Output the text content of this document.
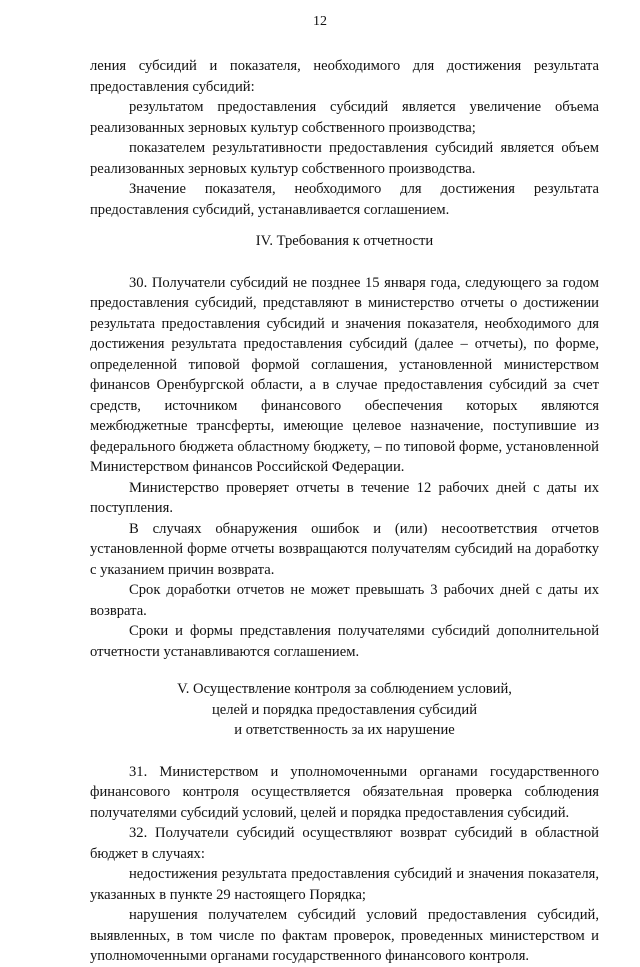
12

ления субсидий и показателя, необходимого для достижения результата предоставления субсидий:

результатом предоставления субсидий является увеличение объема реализованных зерновых культур собственного производства;

показателем результативности предоставления субсидий является объем реализованных зерновых культур собственного производства.

Значение показателя, необходимого для достижения результата предоставления субсидий, устанавливается соглашением.

IV. Требования к отчетности

30. Получатели субсидий не позднее 15 января года, следующего за годом предоставления субсидий, представляют в министерство отчеты о достижении результата предоставления субсидий и значения показателя, необходимого для достижения результата предоставления субсидий (далее – отчеты), по форме, определенной типовой формой соглашения, установленной министерством финансов Оренбургской области, а в случае предоставления субсидий за счет средств, источником финансового обеспечения которых являются межбюджетные трансферты, имеющие целевое назначение, поступившие из федерального бюджета областному бюджету, – по типовой форме, установленной Министерством финансов Российской Федерации.

Министерство проверяет отчеты в течение 12 рабочих дней с даты их поступления.

В случаях обнаружения ошибок и (или) несоответствия отчетов установленной форме отчеты возвращаются получателям субсидий на доработку с указанием причин возврата.

Срок доработки отчетов не может превышать 3 рабочих дней с даты их возврата.

Сроки и формы представления получателями субсидий дополнительной отчетности устанавливаются соглашением.

V. Осуществление контроля за соблюдением условий,
целей и порядка предоставления субсидий
и ответственность за их нарушение

31. Министерством и уполномоченными органами государственного финансового контроля осуществляется обязательная проверка соблюдения получателями субсидий условий, целей и порядка предоставления субсидий.

32. Получатели субсидий осуществляют возврат субсидий в областной бюджет в случаях:

недостижения результата предоставления субсидий и значения показателя, указанных в пункте 29 настоящего Порядка;

нарушения получателем субсидий условий предоставления субсидий, выявленных, в том числе по фактам проверок, проведенных министерством и уполномоченными органами государственного финансового контроля.
